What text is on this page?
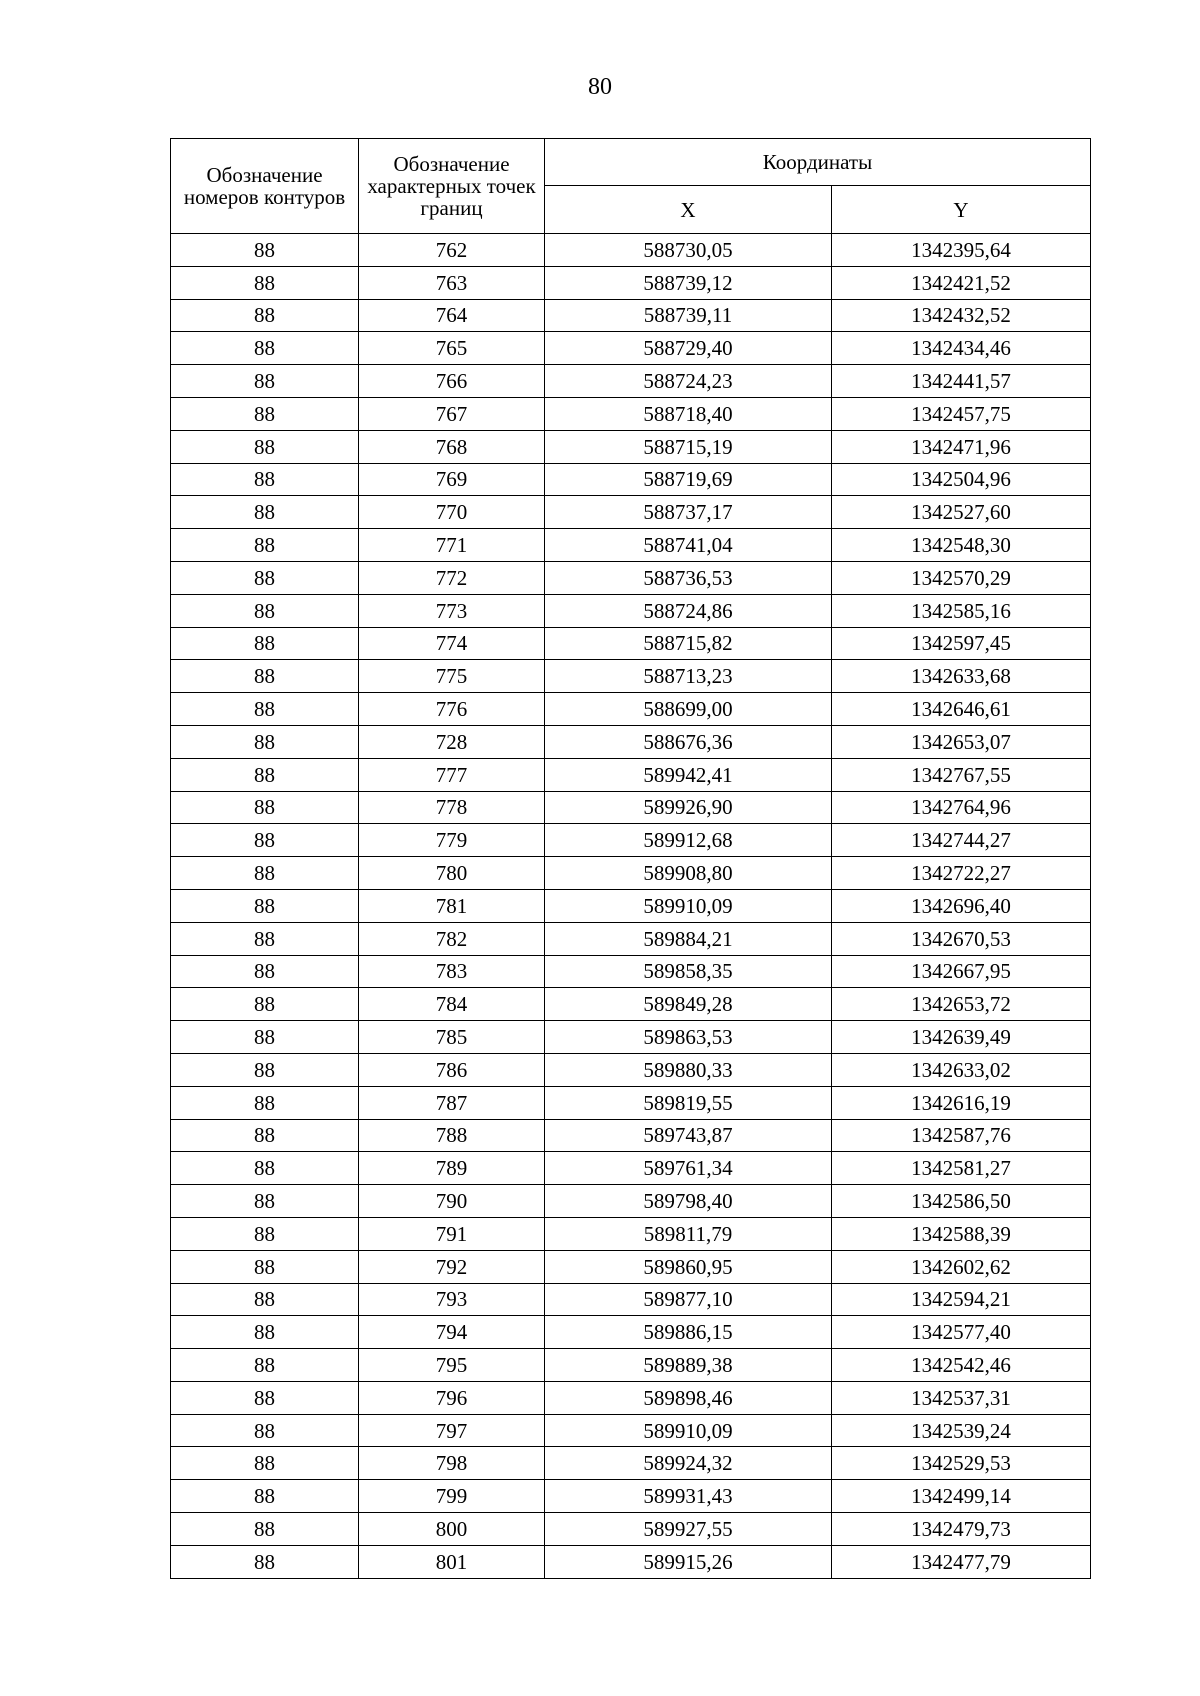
80
Обозначение номеров контуров	Обозначение характерных точек границ	Координаты	
		X	Y
88	762	588730,05	1342395,64
88	763	588739,12	1342421,52
88	764	588739,11	1342432,52
88	765	588729,40	1342434,46
88	766	588724,23	1342441,57
88	767	588718,40	1342457,75
88	768	588715,19	1342471,96
88	769	588719,69	1342504,96
88	770	588737,17	1342527,60
88	771	588741,04	1342548,30
88	772	588736,53	1342570,29
88	773	588724,86	1342585,16
88	774	588715,82	1342597,45
88	775	588713,23	1342633,68
88	776	588699,00	1342646,61
88	728	588676,36	1342653,07
88	777	589942,41	1342767,55
88	778	589926,90	1342764,96
88	779	589912,68	1342744,27
88	780	589908,80	1342722,27
88	781	589910,09	1342696,40
88	782	589884,21	1342670,53
88	783	589858,35	1342667,95
88	784	589849,28	1342653,72
88	785	589863,53	1342639,49
88	786	589880,33	1342633,02
88	787	589819,55	1342616,19
88	788	589743,87	1342587,76
88	789	589761,34	1342581,27
88	790	589798,40	1342586,50
88	791	589811,79	1342588,39
88	792	589860,95	1342602,62
88	793	589877,10	1342594,21
88	794	589886,15	1342577,40
88	795	589889,38	1342542,46
88	796	589898,46	1342537,31
88	797	589910,09	1342539,24
88	798	589924,32	1342529,53
88	799	589931,43	1342499,14
88	800	589927,55	1342479,73
88	801	589915,26	1342477,79
